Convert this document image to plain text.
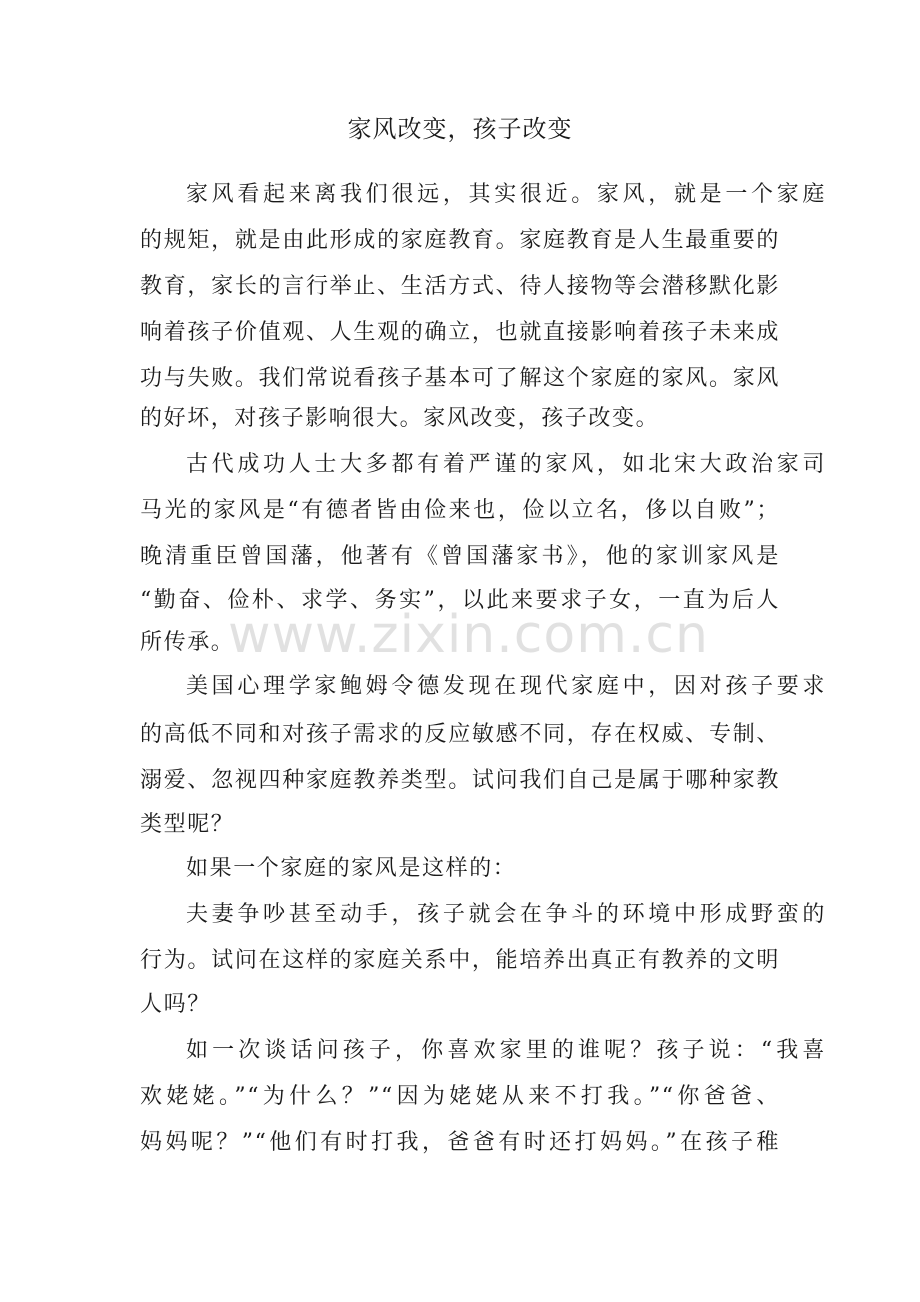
家风改变，孩子改变
www.zixin.com.cn
家风看起来离我们很远，其实很近。家风，就是一个家庭
的规矩，就是由此形成的家庭教育。家庭教育是人生最重要的
教育，家长的言行举止、生活方式、待人接物等会潜移默化影
响着孩子价值观、人生观的确立，也就直接影响着孩子未来成
功与失败。我们常说看孩子基本可了解这个家庭的家风。家风
的好坏，对孩子影响很大。家风改变，孩子改变。
古代成功人士大多都有着严谨的家风，如北宋大政治家司
马光的家风是“有德者皆由俭来也，俭以立名，侈以自败”；
晚清重臣曾国藩，他著有《曾国藩家书》，他的家训家风是
“勤奋、俭朴、求学、务实”，以此来要求子女，一直为后人
所传承。
美国心理学家鲍姆令德发现在现代家庭中，因对孩子要求
的高低不同和对孩子需求的反应敏感不同，存在权威、专制、
溺爱、忽视四种家庭教养类型。试问我们自己是属于哪种家教
类型呢？
如果一个家庭的家风是这样的：
夫妻争吵甚至动手，孩子就会在争斗的环境中形成野蛮的
行为。试问在这样的家庭关系中，能培养出真正有教养的文明
人吗？
如一次谈话问孩子，你喜欢家里的谁呢？孩子说：“我喜
欢姥姥。”“为什么？”“因为姥姥从来不打我。”“你爸爸、
妈妈呢？”“他们有时打我，爸爸有时还打妈妈。”在孩子稚
